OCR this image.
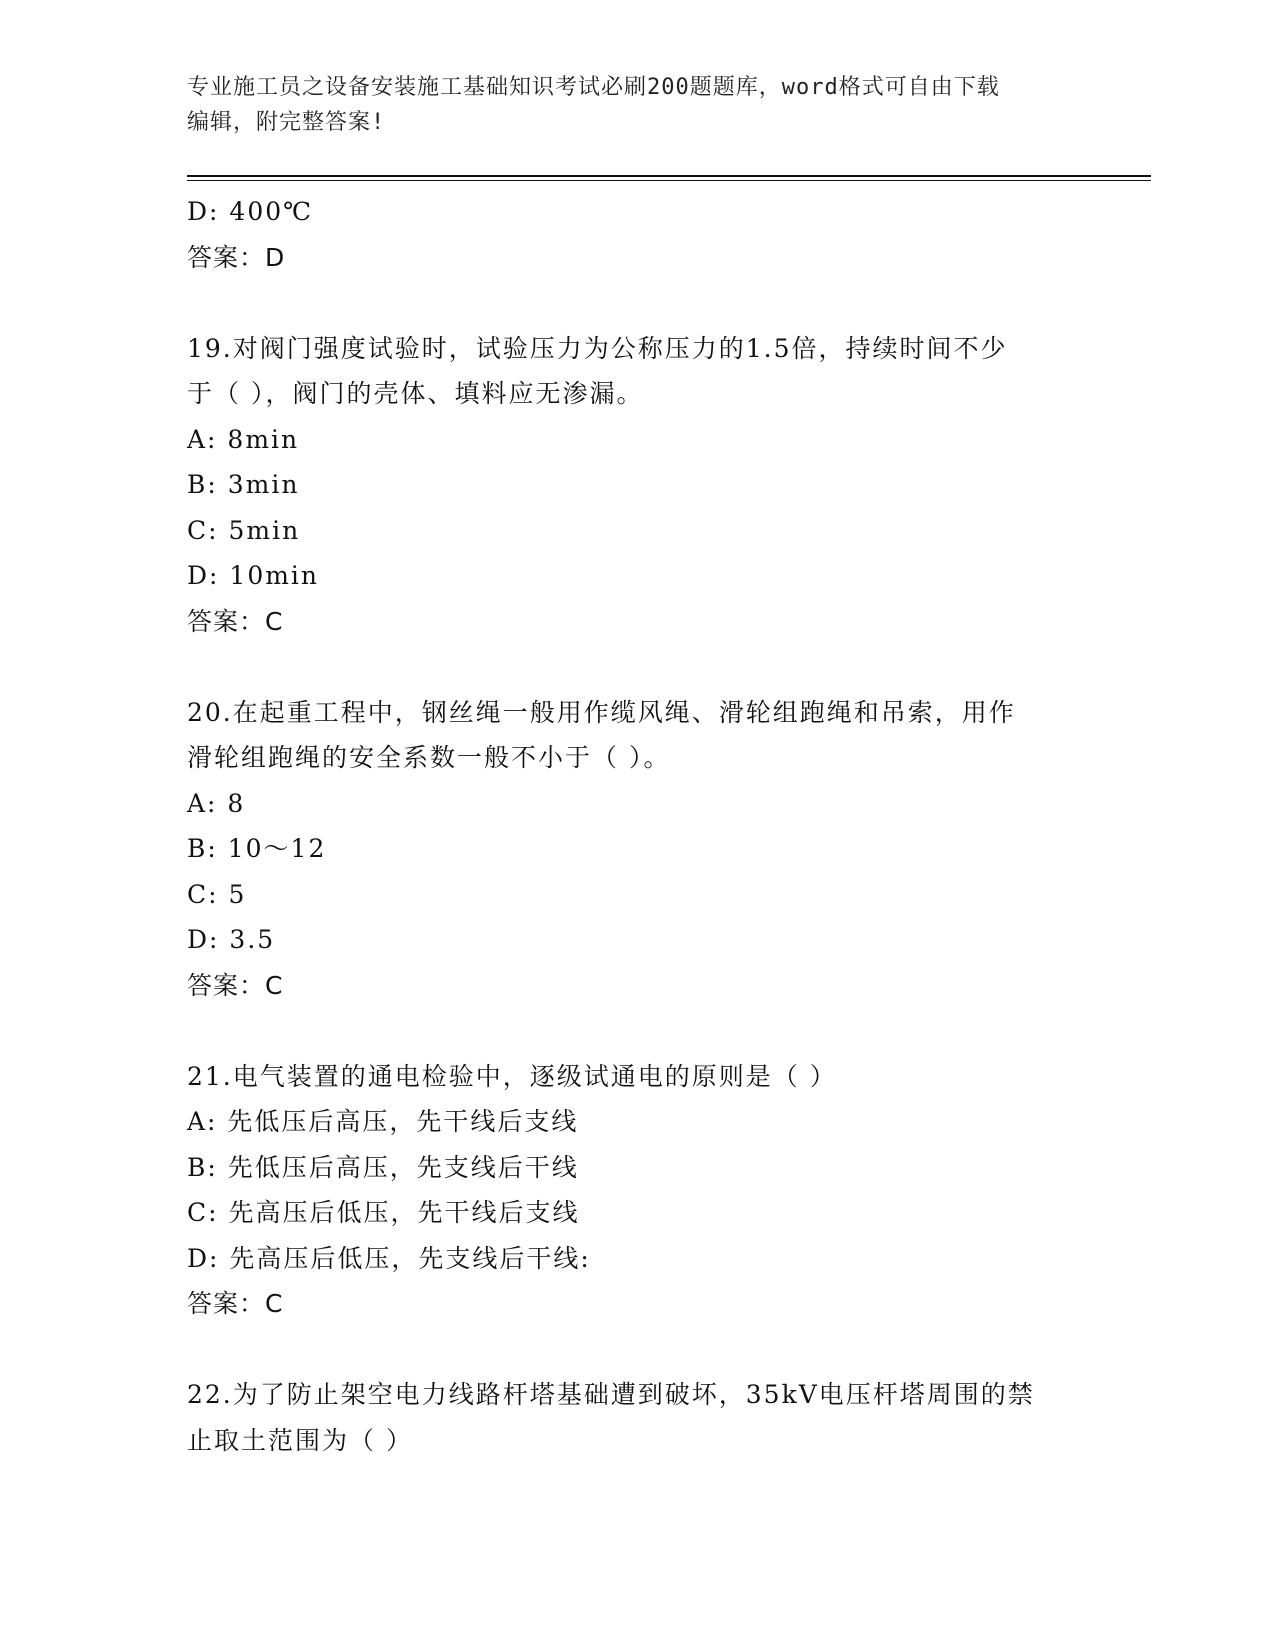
专业施工员之设备安装施工基础知识考试必刷200题题库，word格式可自由下载
编辑，附完整答案!
D: 400℃
答案：D
19.对阀门强度试验时，试验压力为公称压力的1.5倍，持续时间不少
于（ ），阀门的壳体、填料应无渗漏。
A: 8min
B: 3min
C: 5min
D: 10min
答案：C
20.在起重工程中，钢丝绳一般用作缆风绳、滑轮组跑绳和吊索，用作
滑轮组跑绳的安全系数一般不小于（ ）。
A: 8
B: 10～12
C: 5
D: 3.5
答案：C
21.电气装置的通电检验中，逐级试通电的原则是（ ）
A: 先低压后高压，先干线后支线
B: 先低压后高压，先支线后干线
C: 先高压后低压，先干线后支线
D: 先高压后低压，先支线后干线:
答案：C
22.为了防止架空电力线路杆塔基础遭到破坏，35kV电压杆塔周围的禁
止取土范围为（ ）
